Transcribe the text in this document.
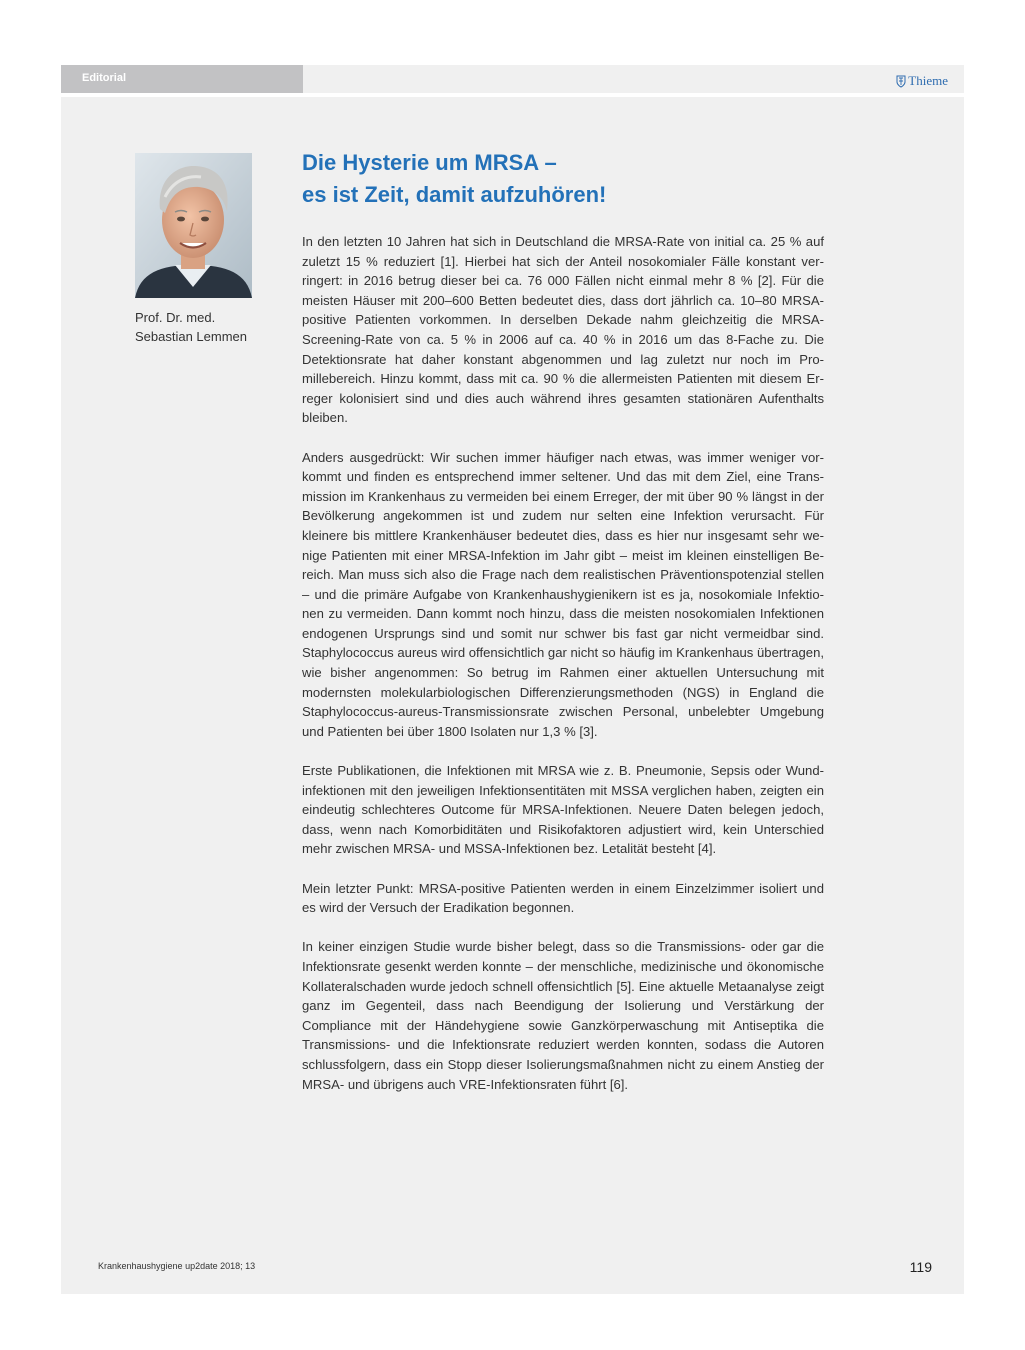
Editorial	Thieme
Prof. Dr. med.
Sebastian Lemmen
Die Hysterie um MRSA –
es ist Zeit, damit aufzuhören!

In den letzten 10 Jahren hat sich in Deutschland die MRSA-Rate von initial ca. 25 % auf zuletzt 15 % reduziert [1]. Hierbei hat sich der Anteil nosokomialer Fälle konstant verringert: in 2016 betrug dieser bei ca. 76 000 Fällen nicht einmal mehr 8 % [2]. Für die meisten Häuser mit 200–600 Betten bedeutet dies, dass dort jährlich ca. 10–80 MRSA-positive Patienten vorkommen. In derselben Dekade nahm gleichzeitig die MRSA-Screening-Rate von ca. 5 % in 2006 auf ca. 40 % in 2016 um das 8-Fache zu. Die Detektionsrate hat daher konstant abgenommen und lag zuletzt nur noch im Promillebereich. Hinzu kommt, dass mit ca. 90 % die allermeisten Patienten mit diesem Erreger kolonisiert sind und dies auch während ihres gesamten stationären Aufenthalts bleiben.

Anders ausgedrückt: Wir suchen immer häufiger nach etwas, was immer weniger vorkommt und finden es entsprechend immer seltener. Und das mit dem Ziel, eine Transmission im Krankenhaus zu vermeiden bei einem Erreger, der mit über 90 % längst in der Bevölkerung angekommen ist und zudem nur selten eine Infektion verursacht. Für kleinere bis mittlere Krankenhäuser bedeutet dies, dass es hier nur insgesamt sehr wenige Patienten mit einer MRSA-Infektion im Jahr gibt – meist im kleinen einstelligen Bereich. Man muss sich also die Frage nach dem realistischen Präventionspotenzial stellen – und die primäre Aufgabe von Krankenhaushygienikern ist es ja, nosokomiale Infektionen zu vermeiden. Dann kommt noch hinzu, dass die meisten nosokomialen Infektionen endogenen Ursprungs sind und somit nur schwer bis fast gar nicht vermeidbar sind. Staphylococcus aureus wird offensichtlich gar nicht so häufig im Krankenhaus übertragen, wie bisher angenommen: So betrug im Rahmen einer aktuellen Untersuchung mit modernsten molekularbiologischen Differenzierungsmethoden (NGS) in England die Staphylococcus-aureus-Transmissionsrate zwischen Personal, unbelebter Umgebung und Patienten bei über 1800 Isolaten nur 1,3 % [3].

Erste Publikationen, die Infektionen mit MRSA wie z. B. Pneumonie, Sepsis oder Wundinfektionen mit den jeweiligen Infektionsentitäten mit MSSA verglichen haben, zeigten ein eindeutig schlechteres Outcome für MRSA-Infektionen. Neuere Daten belegen jedoch, dass, wenn nach Komorbiditäten und Risikofaktoren adjustiert wird, kein Unterschied mehr zwischen MRSA- und MSSA-Infektionen bez. Letalität besteht [4].

Mein letzter Punkt: MRSA-positive Patienten werden in einem Einzelzimmer isoliert und es wird der Versuch der Eradikation begonnen.

In keiner einzigen Studie wurde bisher belegt, dass so die Transmissions- oder gar die Infektionsrate gesenkt werden konnte – der menschliche, medizinische und ökonomische Kollateralschaden wurde jedoch schnell offensichtlich [5]. Eine aktuelle Metaanalyse zeigt ganz im Gegenteil, dass nach Beendigung der Isolierung und Verstärkung der Compliance mit der Händehygiene sowie Ganzkörperwaschung mit Antiseptika die Transmissions- und die Infektionsrate reduziert werden konnten, sodass die Autoren schlussfolgern, dass ein Stopp dieser Isolierungsmaßnahmen nicht zu einem Anstieg der MRSA- und übrigens auch VRE-Infektionsraten führt [6].

Krankenhaushygiene up2date 2018; 13	119
